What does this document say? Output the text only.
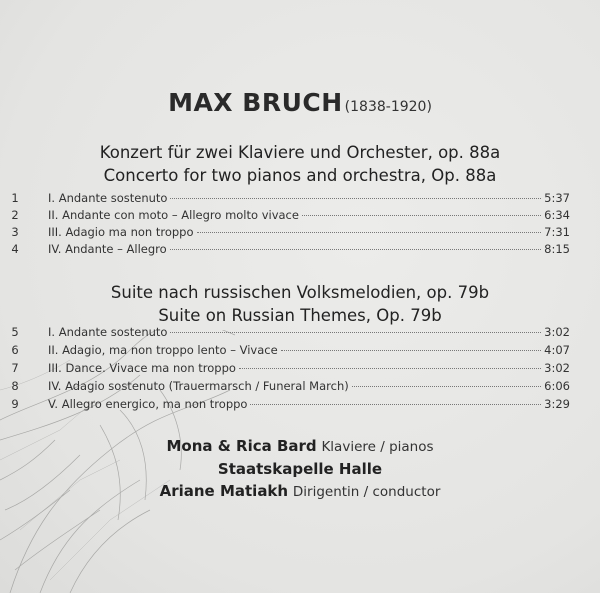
MAX BRUCH (1838-1920)
Konzert für zwei Klaviere und Orchester, op. 88a
Concerto for two pianos and orchestra, Op. 88a
1	I. Andante sostenuto	5:37
2	II. Andante con moto – Allegro molto vivace	6:34
3	III. Adagio ma non troppo	7:31
4	IV. Andante – Allegro	8:15
Suite nach russischen Volksmelodien, op. 79b
Suite on Russian Themes, Op. 79b
5	I. Andante sostenuto	3:02
6	II. Adagio, ma non troppo lento – Vivace	4:07
7	III. Dance. Vivace ma non troppo	3:02
8	IV. Adagio sostenuto (Trauermarsch / Funeral March)	6:06
9	V. Allegro energico, ma non troppo	3:29
Mona & Rica Bard Klaviere / pianos
Staatskapelle Halle
Ariane Matiakh Dirigentin / conductor
